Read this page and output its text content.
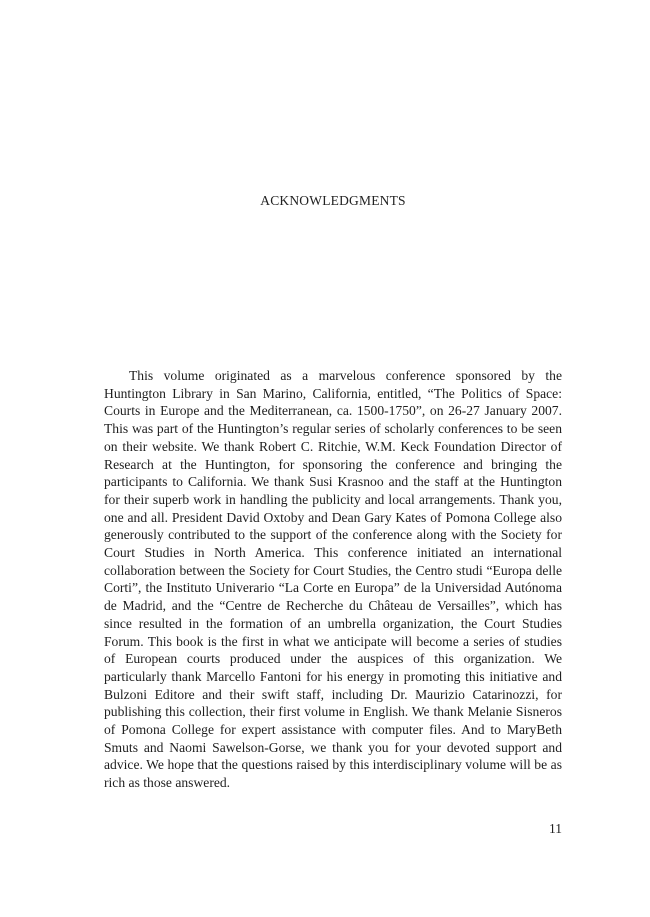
ACKNOWLEDGMENTS

This volume originated as a marvelous conference sponsored by the Huntington Library in San Marino, California, entitled, “The Politics of Space: Courts in Europe and the Mediterranean, ca. 1500-1750”, on 26-27 January 2007. This was part of the Huntington’s regular series of scholarly conferences to be seen on their website. We thank Robert C. Ritchie, W.M. Keck Foundation Director of Research at the Huntington, for sponsoring the conference and bringing the participants to California. We thank Susi Krasnoo and the staff at the Huntington for their superb work in handling the publicity and local arrangements. Thank you, one and all. President David Oxtoby and Dean Gary Kates of Pomona College also generously contributed to the support of the conference along with the Society for Court Studies in North America. This conference initiated an international collaboration between the Society for Court Studies, the Centro studi “Europa delle Corti”, the Instituto Univerario “La Corte en Europa” de la Universidad Autónoma de Madrid, and the “Centre de Recherche du Château de Versailles”, which has since resulted in the formation of an umbrella organization, the Court Studies Forum. This book is the first in what we anticipate will become a series of studies of European courts produced under the auspices of this organization. We particularly thank Marcello Fantoni for his energy in promoting this initiative and Bulzoni Editore and their swift staff, including Dr. Maurizio Catarinozzi, for publishing this collection, their first volume in English. We thank Melanie Sisneros of Pomona College for expert assistance with computer files. And to MaryBeth Smuts and Naomi Sawelson-Gorse, we thank you for your devoted support and advice. We hope that the questions raised by this interdisciplinary volume will be as rich as those answered.

11
